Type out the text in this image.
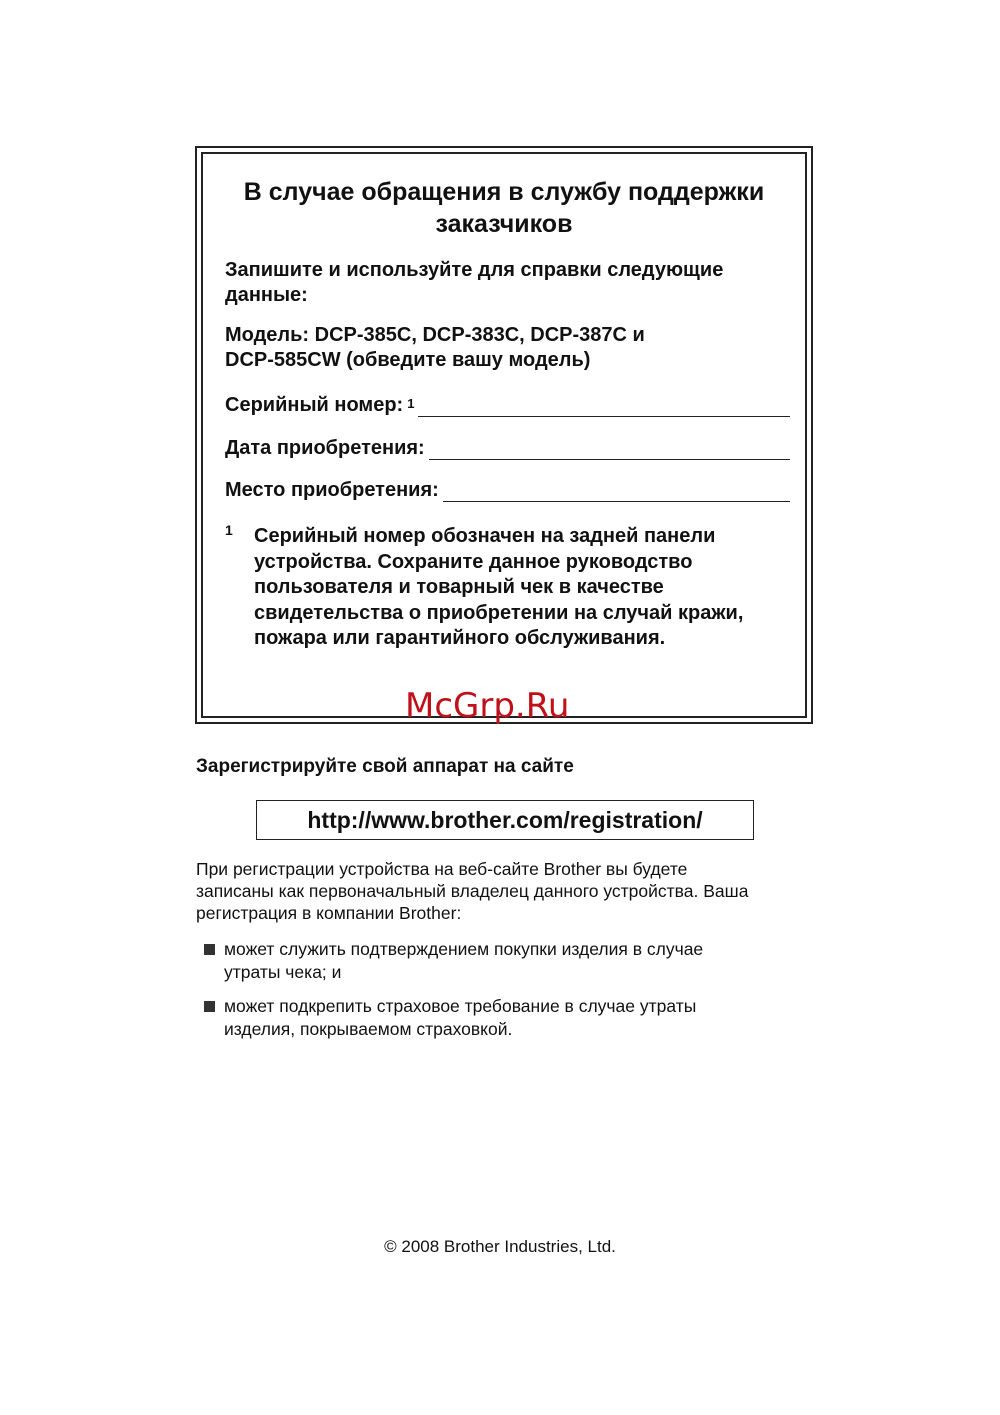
В случае обращения в службу поддержки
заказчиков
Запишите и используйте для справки следующие
данные:
Модель: DCP-385C, DCP-383C, DCP-387C и
DCP-585CW (обведите вашу модель)
Серийный номер: $^1$
Дата приобретения:
Место приобретения:
1 Серийный номер обозначен на задней панели
устройства. Сохраните данное руководство
пользователя и товарный чек в качестве
свидетельства о приобретении на случай кражи,
пожара или гарантийного обслуживания.
McGrp.Ru
Зарегистрируйте свой аппарат на сайте
http://www.brother.com/registration/
При регистрации устройства на веб-сайте Brother вы будете
записаны как первоначальный владелец данного устройства. Ваша
регистрация в компании Brother:
может служить подтверждением покупки изделия в случае
утраты чека; и
может подкрепить страховое требование в случае утраты
изделия, покрываемом страховкой.
© 2008 Brother Industries, Ltd.
